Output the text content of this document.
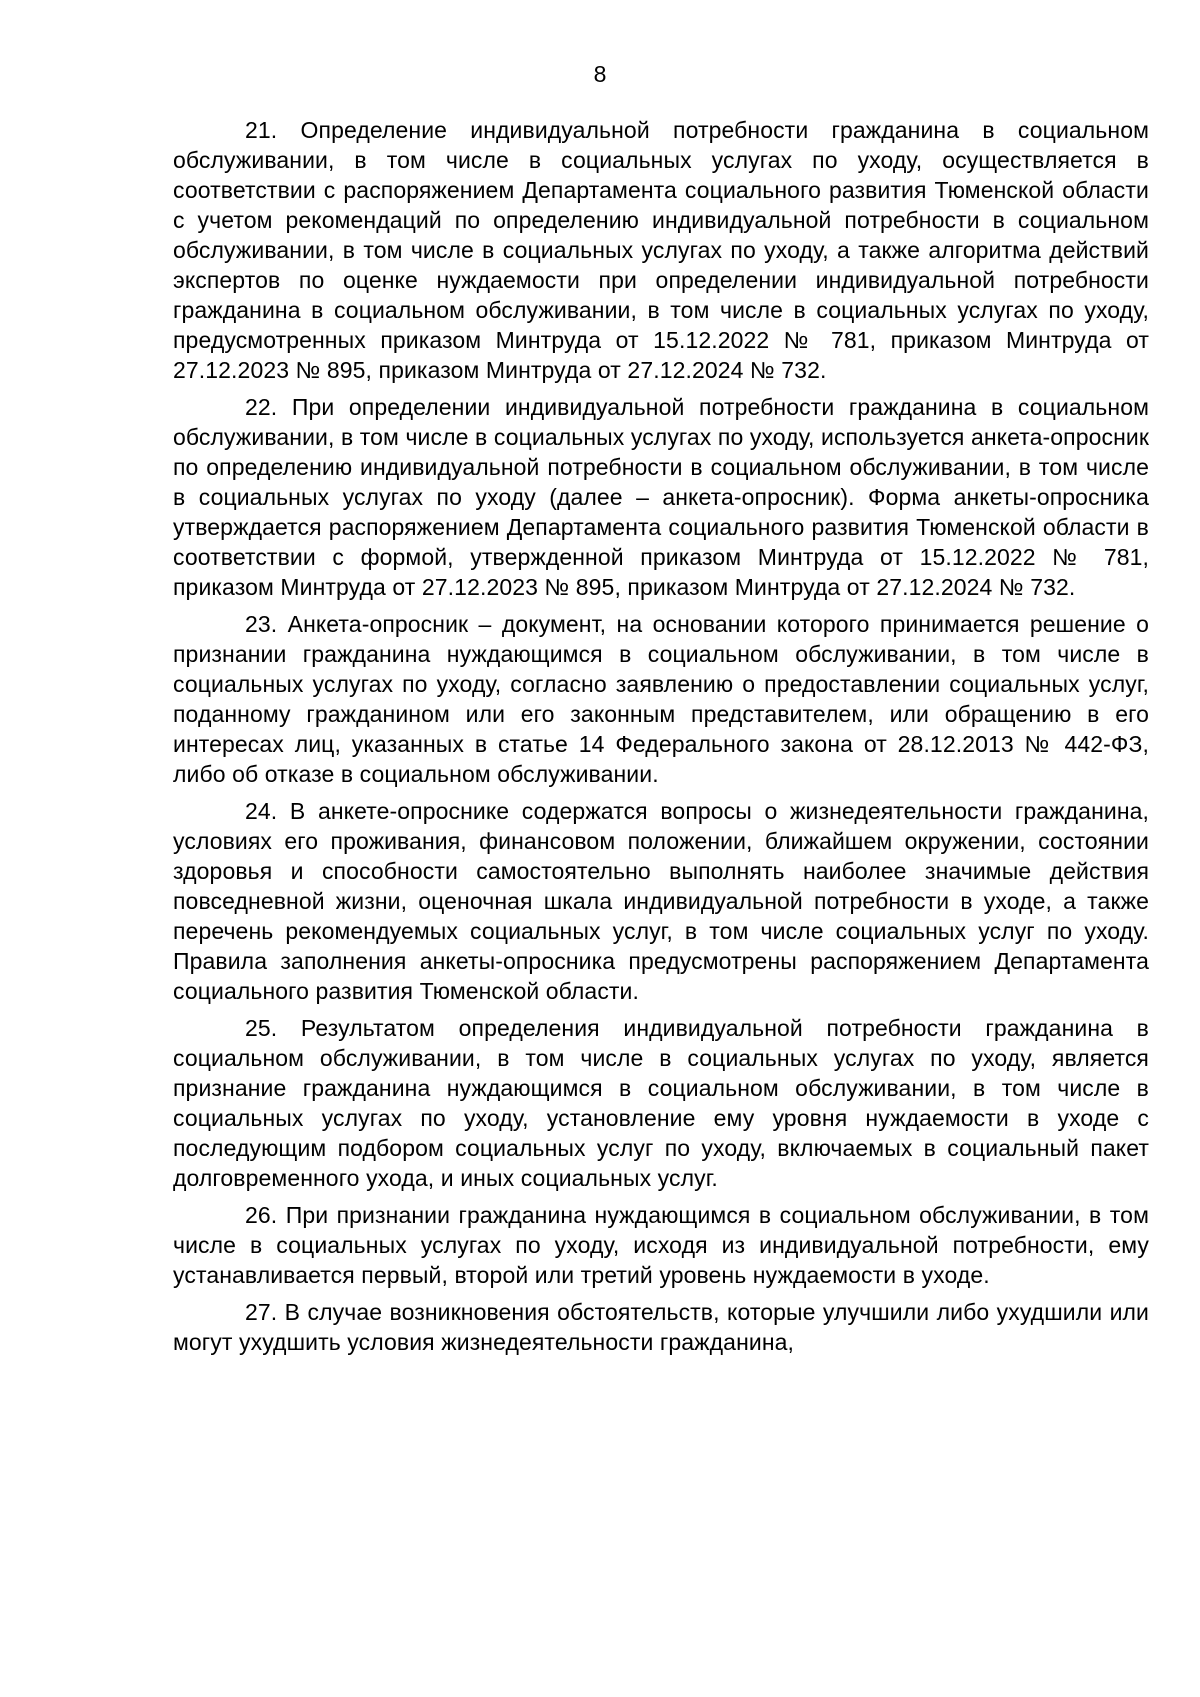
8

21. Определение индивидуальной потребности гражданина в социальном обслуживании, в том числе в социальных услугах по уходу, осуществляется в соответствии с распоряжением Департамента социального развития Тюменской области с учетом рекомендаций по определению индивидуальной потребности в социальном обслуживании, в том числе в социальных услугах по уходу, а также алгоритма действий экспертов по оценке нуждаемости при определении индивидуальной потребности гражданина в социальном обслуживании, в том числе в социальных услугах по уходу, предусмотренных приказом Минтруда от 15.12.2022 № 781, приказом Минтруда от 27.12.2023 № 895, приказом Минтруда от 27.12.2024 № 732.

22. При определении индивидуальной потребности гражданина в социальном обслуживании, в том числе в социальных услугах по уходу, используется анкета-опросник по определению индивидуальной потребности в социальном обслуживании, в том числе в социальных услугах по уходу (далее – анкета-опросник). Форма анкеты-опросника утверждается распоряжением Департамента социального развития Тюменской области в соответствии с формой, утвержденной приказом Минтруда от 15.12.2022 № 781, приказом Минтруда от 27.12.2023 № 895, приказом Минтруда от 27.12.2024 № 732.

23. Анкета-опросник – документ, на основании которого принимается решение о признании гражданина нуждающимся в социальном обслуживании, в том числе в социальных услугах по уходу, согласно заявлению о предоставлении социальных услуг, поданному гражданином или его законным представителем, или обращению в его интересах лиц, указанных в статье 14 Федерального закона от 28.12.2013 № 442-ФЗ, либо об отказе в социальном обслуживании.

24. В анкете-опроснике содержатся вопросы о жизнедеятельности гражданина, условиях его проживания, финансовом положении, ближайшем окружении, состоянии здоровья и способности самостоятельно выполнять наиболее значимые действия повседневной жизни, оценочная шкала индивидуальной потребности в уходе, а также перечень рекомендуемых социальных услуг, в том числе социальных услуг по уходу. Правила заполнения анкеты-опросника предусмотрены распоряжением Департамента социального развития Тюменской области.

25. Результатом определения индивидуальной потребности гражданина в социальном обслуживании, в том числе в социальных услугах по уходу, является признание гражданина нуждающимся в социальном обслуживании, в том числе в социальных услугах по уходу, установление ему уровня нуждаемости в уходе с последующим подбором социальных услуг по уходу, включаемых в социальный пакет долговременного ухода, и иных социальных услуг.

26. При признании гражданина нуждающимся в социальном обслуживании, в том числе в социальных услугах по уходу, исходя из индивидуальной потребности, ему устанавливается первый, второй или третий уровень нуждаемости в уходе.

27. В случае возникновения обстоятельств, которые улучшили либо ухудшили или могут ухудшить условия жизнедеятельности гражданина,
